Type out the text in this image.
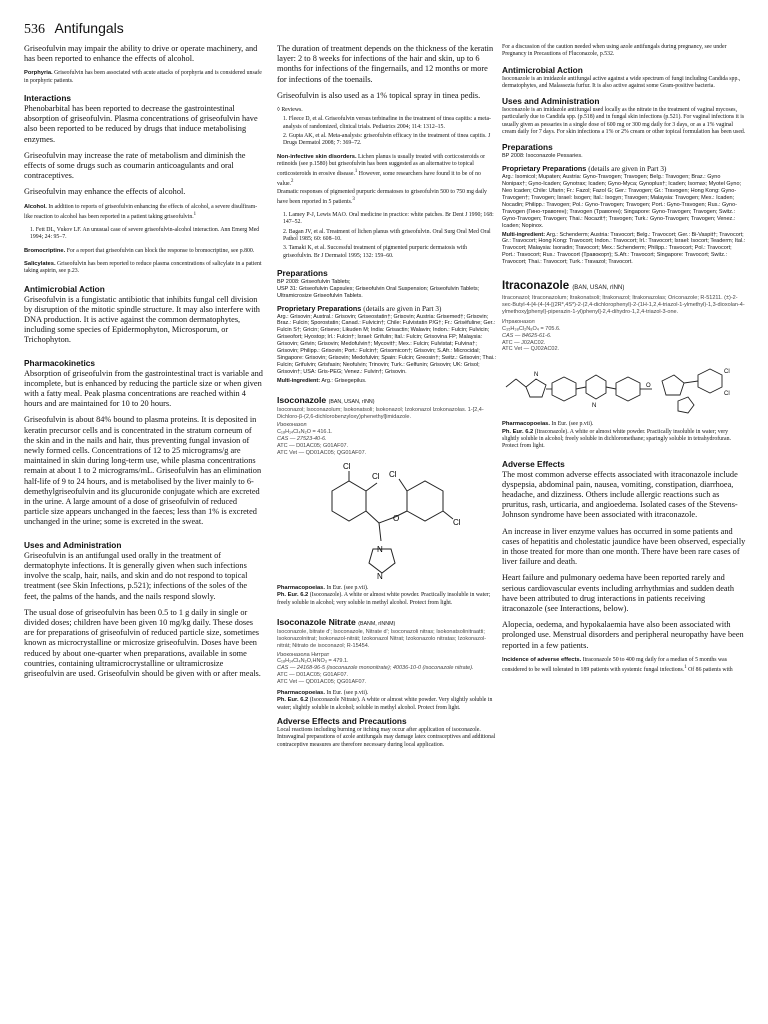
536 Antifungals

Griseofulvin may impair the ability to drive or operate machinery, and has been reported to enhance the effects of alcohol.

Porphyria. Griseofulvin has been associated with acute attacks of porphyria and is considered unsafe in porphyric patients.

Interactions

Phenobarbital has been reported to decrease the gastrointestinal absorption of griseofulvin. Plasma concentrations of griseofulvin have also been reported to be reduced by drugs that induce metabolising enzymes.

Griseofulvin may increase the rate of metabolism and diminish the effects of some drugs such as coumarin anticoagulants and oral contraceptives.

Griseofulvin may enhance the effects of alcohol.

Alcohol. In addition to reports of griseofulvin enhancing the effects of alcohol, a severe disulfiram-like reaction to alcohol has been reported in a patient taking griseofulvin.$^1$

1. Fett DL, Vukov LF. An unusual case of severe griseofulvin-alcohol interaction. Ann Emerg Med 1994; 24: 95–7.

Bromocriptine. For a report that griseofulvin can block the response to bromocriptine, see p.800.

Salicylates. Griseofulvin has been reported to reduce plasma concentrations of salicylate in a patient taking aspirin, see p.23.

Antimicrobial Action

Griseofulvin is a fungistatic antibiotic that inhibits fungal cell division by disruption of the mitotic spindle structure. It may also interfere with DNA production. It is active against the common dermatophytes, including some species of Epidermophyton, Microsporum, or Trichophyton.

Pharmacokinetics

Absorption of griseofulvin from the gastrointestinal tract is variable and incomplete, but is enhanced by reducing the particle size or when given with a fatty meal. Peak plasma concentrations are reached within 4 hours and are maintained for 10 to 20 hours.

Griseofulvin is about 84% bound to plasma proteins. It is deposited in keratin precursor cells and is concentrated in the stratum corneum of the skin and in the nails and hair, thus preventing fungal invasion of newly formed cells. Concentrations of 12 to 25 micrograms/g are maintained in skin during long-term use, while plasma concentrations remain at about 1 to 2 micrograms/mL. Griseofulvin has an elimination half-life of 9 to 24 hours, and is metabolised by the liver mainly to 6-demethylgriseofulvin and its glucuronide conjugate which are excreted in the urine. A large amount of a dose of griseofulvin of reduced particle size appears unchanged in the faeces; less than 1% is excreted unchanged in the urine; some is excreted in the sweat.

Uses and Administration

Griseofulvin is an antifungal used orally in the treatment of dermatophyte infections. It is generally given when such infections involve the scalp, hair, nails, and skin and do not respond to topical treatment (see Skin Infections, p.521); infections of the soles of the feet, the palms of the hands, and the nails respond slowly.

The usual dose of griseofulvin has been 0.5 to 1 g daily in single or divided doses; children have been given 10 mg/kg daily. These doses are for preparations of griseofulvin of reduced particle size, sometimes known as microcrystalline or microsize griseofulvin. Doses have been reduced by about one-quarter when preparations, available in some countries, containing ultramicrocrystalline or ultramicrosize griseofulvin are used. Griseofulvin should be given with or after meals.

The duration of treatment depends on the thickness of the keratin layer: 2 to 8 weeks for infections of the hair and skin, up to 6 months for infections of the fingernails, and 12 months or more for infections of the toenails.

Griseofulvin is also used as a 1% topical spray in tinea pedis.

◊ Reviews.

1. Fleece D, et al. Griseofulvin versus terbinafine in the treatment of tinea capitis: a meta-analysis of randomized, clinical trials. Pediatrics 2004; 114: 1312–15.

2. Gupta AK, et al. Meta-analysis: griseofulvin efficacy in the treatment of tinea capitis. J Drugs Dermatol 2008; 7: 369–72.

Non-infective skin disorders. Lichen planus is usually treated with corticosteroids or retinoids (see p.1580) but griseofulvin has been suggested as an alternative to topical corticosteroids in erosive disease.$^1$ However, some researchers have found it to be of no value.$^2$
Dramatic responses of pigmented purpuric dermatoses to griseofulvin 500 to 750 mg daily have been reported in 5 patients.$^3$

1. Lamey P-J, Lewis MAO. Oral medicine in practice: white patches. Br Dent J 1990; 168: 147–52.

2. Bagan JV, et al. Treatment of lichen planus with griseofulvin. Oral Surg Oral Med Oral Pathol 1985; 60: 608–10.

3. Tamaki K, et al. Successful treatment of pigmented purpuric dermatosis with griseofulvin. Br J Dermatol 1995; 132: 159–60.

Preparations

BP 2008: Griseofulvin Tablets;

USP 31: Griseofulvin Capsules; Griseofulvin Oral Suspension; Griseofulvin Tablets; Ultramicrosize Griseofulvin Tablets.

Proprietary Preparations (details are given in Part 3)

Arg.: Grisovin; Austral.: Grisovin; Griseostatin†; Grisovin; Austria: Grisemed†; Grisovin; Braz.: Fulcin; Sporostatin; Canad.: Fulvicin†; Chile: Fulvistatin P/G†; Fr.: Griséfuline; Ger.: Fulcin S†; Gricin; Grisevo; Likuden M; India: Grisactin; Walavin; Indon.: Fulcin; Fulvicin; Griseofort; Hyostop; Irl.: Fulcin†; Israel: Grifulin; Ital.: Fulcin; Grisovina FP; Malaysia: Grisovin; Grivin; Grisovin; Medofulvin†; Mycovit†; Mex.: Fulcin; Fulvistat; Fulvina†; Grisovin; Philipp.: Grisovin; Port.: Fulcin†; Grisomicon†; Grisovin; S.Afr.: Microcidal; Singapore: Grisovin; Grisovin; Medofulvin; Spain: Fulcin; Greosin†; Switz.: Grisovin; Thai.: Fulcin; Grifulvin; Grisfasin; Neofulvin; Trinovin; Turk.: Gelfunin; Grisovin; UK: Grisol; Grisovin†; USA: Gris-PEG; Venez.: Fulvin†; Grisovin.

Multi-ingredient: Arg.: Grisegepilus.

Isoconazole (BAN, USAN, rINN)

Isoconazol; Isoconazolum; Isokonatsoli; Isokonazol; Izokonazol Izokonazolas. 1-[2,4-Dichloro-β-(2,6-dichlorobenzyloxy)phenethyl]imidazole.

Изоконазол

C₁₈H₁₄Cl₄N₂O = 416.1.

CAS — 27523-40-6.

ATC — D01AC05; G01AF07.

ATC Vet — QD01AC05; QG01AF07.

Cl
Cl Cl
Cl
O
N
N

Pharmacopoeias. In Eur. (see p.vii).

Ph. Eur. 6.2 (Isoconazole). A white or almost white powder. Practically insoluble in water; freely soluble in alcohol; very soluble in methyl alcohol. Protect from light.

Isoconazole Nitrate (BANM, rINNM)

Isoconazole, bitrate d'; Isoconazole, Nitrate d'; Isoconazoli nitras; Isokonatsolinitraatti; Isokonazolnitrat; Isokonazol-nitrát; Izokonazol Nitrat; Izokonazolo nitratas; Izokonazol-nitrát; Nitrato de isoconazol; R-15454.

Изоконазола Нитрат

C₁₈H₁₄Cl₄N₂O,HNO₃ = 479.1.

CAS — 24168-96-5 (isoconazole mononitrate); 40036-10-0 (isoconazole nitrate).

ATC — D01AC05; G01AF07.

ATC Vet — QD01AC05; QG01AF07.

Pharmacopoeias. In Eur. (see p.vii).

Ph. Eur. 6.2 (Isoconazole Nitrate). A white or almost white powder. Very slightly soluble in water; slightly soluble in alcohol; soluble in methyl alcohol. Protect from light.

Adverse Effects and Precautions

Local reactions including burning or itching may occur after application of isoconazole.

Intravaginal preparations of azole antifungals may damage latex contraceptives and additional contraceptive measures are therefore necessary during local application.

For a discussion of the caution needed when using azole antifungals during pregnancy, see under Pregnancy in Precautions of Fluconazole, p.532.

Antimicrobial Action

Isoconazole is an imidazole antifungal active against a wide spectrum of fungi including Candida spp., dermatophytes, and Malassezia furfur. It is also active against some Gram-positive bacteria.

Uses and Administration

Isoconazole is an imidazole antifungal used locally as the nitrate in the treatment of vaginal mycoses, particularly due to Candida spp. (p.518) and in fungal skin infections (p.521). For vaginal infections it is usually given as pessaries in a single dose of 600 mg or 300 mg daily for 3 days, or as a 1% vaginal cream daily for 7 days. For skin infections a 1% or 2% cream or other topical formulation has been used.

Preparations

BP 2008: Isoconazole Pessaries.

Proprietary Preparations (details are given in Part 3)

Arg.: Isomicol; Mupaten; Austria: Gyno-Travogen; Travogen; Belg.: Travogen; Braz.: Gyno Nonipax†; Gyno-Icaden; Gynotrax; Icaden; Gyno-Myca; Gynoplus†; Icaden; Isomax; Myotel Gyno; Neo Icaden; Chile: Ufarin; Fr.: Fazol; Fazol G; Ger.: Travogen; Gr.: Travogen; Hong Kong: Gyno-Travogen†; Travogen; Israel: Isogen; Ital.: Isogyn; Travogen; Malaysia: Travogen; Mex.: Icaden; Nocadin; Philipp.: Travogen; Pol.: Gyno-Travogen; Travogen; Port.: Gyno-Travogen; Rus.: Gyno-Travogen (Гино-травоген); Travogen (Травоген); Singapore: Gyno-Travogen; Travogen; Switz.: Gyno-Travogen; Travogen; Thai.: Nocazit†; Travogen; Turk.: Gyno-Travogen; Travogen; Venez.: Icaden; Nopinox.

Multi-ingredient: Arg.: Schenderm; Austria: Travocort; Belg.: Travocort; Ger.: Bi-Vaspit†; Travocort; Gr.: Travocort; Hong Kong: Travocort; Indon.: Travocort; Irl.: Travocort; Israel: Isocort; Teaderm; Ital.: Travocort; Malaysia: Isoradin; Travocort; Mex.: Schenderm; Philipp.: Travocort; Pol.: Travocort; Port.: Travocort; Rus.: Travocort (Травокорт); S.Afr.: Travocort; Singapore: Travocort; Switz.: Travocort; Thai.: Travocort; Turk.: Travazol; Travocort.

Itraconazole (BAN, USAN, rINN)

Itraconazol; Itraconazolum; Itrakonatsoli; Itrakonazol; Itrakonazolas; Oriconazole; R-51211. (±)-2-sec-Butyl-4-[4-(4-{4-[(2R*,4S*)-2-(2,4-dichlorophenyl)-2-(1H-1,2,4-triazol-1-ylmethyl)-1,3-dioxolan-4-ylmethoxy]phenyl}-piperazin-1-yl)phenyl]-2,4-dihydro-1,2,4-triazol-3-one.

Итраконазол

C₃₅H₃₈Cl₂N₈O₄ = 705.6.

CAS — 84625-61-6.

ATC — J02AC02.

ATC Vet — QJ02AC02.

N
N
O
Cl
Cl

Pharmacopoeias. In Eur. (see p.vii).

Ph. Eur. 6.2 (Itraconazole). A white or almost white powder. Practically insoluble in water; very slightly soluble in alcohol; freely soluble in dichloromethane; sparingly soluble in tetrahydrofuran. Protect from light.

Adverse Effects

The most common adverse effects associated with itraconazole include dyspepsia, abdominal pain, nausea, vomiting, constipation, diarrhoea, headache, and dizziness. Others include allergic reactions such as pruritus, rash, urticaria, and angioedema. Isolated cases of the Stevens-Johnson syndrome have been associated with itraconazole.

An increase in liver enzyme values has occurred in some patients and cases of hepatitis and cholestatic jaundice have been observed, especially in those treated for more than one month. There have been rare cases of liver failure and death.

Heart failure and pulmonary oedema have been reported rarely and serious cardiovascular events including arrhythmias and sudden death have been attributed to drug interactions in patients receiving itraconazole (see Interactions, below).

Alopecia, oedema, and hypokalaemia have also been associated with prolonged use. Menstrual disorders and peripheral neuropathy have been reported in a few patients.

Incidence of adverse effects. Itraconazole 50 to 400 mg daily for a median of 5 months was considered to be well tolerated in 189 patients with systemic fungal infections.$^1$ Of 86 patients with
